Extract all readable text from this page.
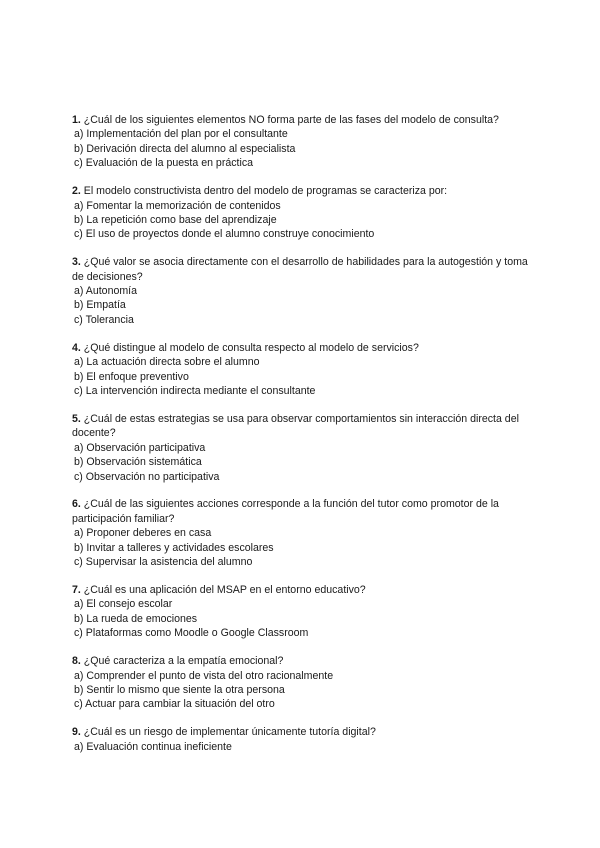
1. ¿Cuál de los siguientes elementos NO forma parte de las fases del modelo de consulta?

a) Implementación del plan por el consultante

b) Derivación directa del alumno al especialista

c) Evaluación de la puesta en práctica

2. El modelo constructivista dentro del modelo de programas se caracteriza por:

a) Fomentar la memorización de contenidos

b) La repetición como base del aprendizaje

c) El uso de proyectos donde el alumno construye conocimiento

3. ¿Qué valor se asocia directamente con el desarrollo de habilidades para la autogestión y toma de decisiones?

a) Autonomía

b) Empatía

c) Tolerancia

4. ¿Qué distingue al modelo de consulta respecto al modelo de servicios?

a) La actuación directa sobre el alumno

b) El enfoque preventivo

c) La intervención indirecta mediante el consultante

5. ¿Cuál de estas estrategias se usa para observar comportamientos sin interacción directa del docente?

a) Observación participativa

b) Observación sistemática

c) Observación no participativa

6. ¿Cuál de las siguientes acciones corresponde a la función del tutor como promotor de la participación familiar?

a) Proponer deberes en casa

b) Invitar a talleres y actividades escolares

c) Supervisar la asistencia del alumno

7. ¿Cuál es una aplicación del MSAP en el entorno educativo?

a) El consejo escolar

b) La rueda de emociones

c) Plataformas como Moodle o Google Classroom

8. ¿Qué caracteriza a la empatía emocional?

a) Comprender el punto de vista del otro racionalmente

b) Sentir lo mismo que siente la otra persona

c) Actuar para cambiar la situación del otro

9. ¿Cuál es un riesgo de implementar únicamente tutoría digital?

a) Evaluación continua ineficiente
